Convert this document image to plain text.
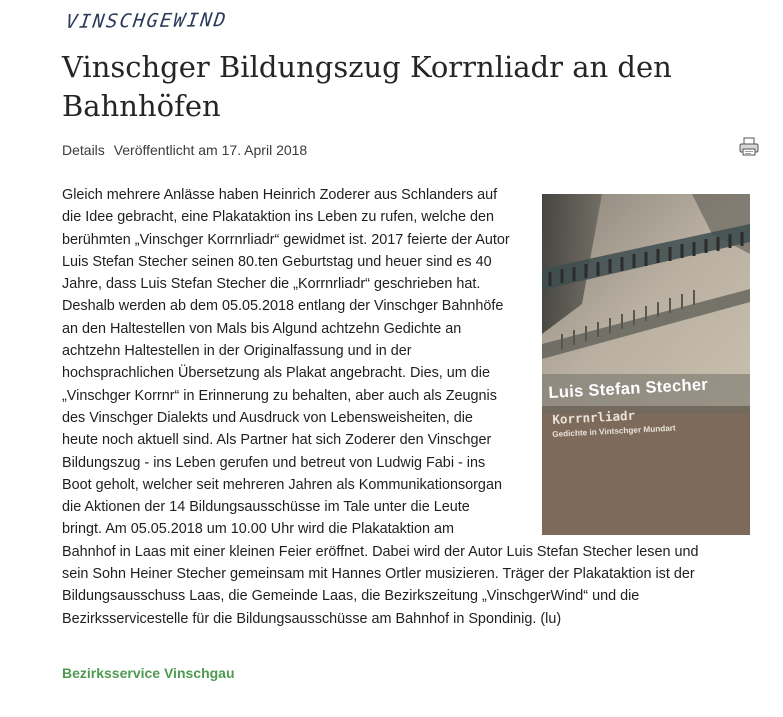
VINSCHGEWIND
Vinschger Bildungszug Korrnliadr an den Bahnhöfen
Details Veröffentlicht am 17. April 2018
Luis Stefan Stecher
Korrnrliadr
Gedichte in Vintschger Mundart
Gleich mehrere Anlässe haben Heinrich Zoderer aus Schlanders auf
die Idee gebracht, eine Plakataktion ins Leben zu rufen, welche den
berühmten „Vinschger Korrnrliadr“ gewidmet ist. 2017 feierte der Autor
Luis Stefan Stecher seinen 80.ten Geburtstag und heuer sind es 40
Jahre, dass Luis Stefan Stecher die „Korrnrliadr“ geschrieben hat.
Deshalb werden ab dem 05.05.2018 entlang der Vinschger Bahnhöfe
an den Haltestellen von Mals bis Algund achtzehn Gedichte an
achtzehn Haltestellen in der Originalfassung und in der
hochsprachlichen Übersetzung als Plakat angebracht. Dies, um die
„Vinschger Korrnr“ in Erinnerung zu behalten, aber auch als Zeugnis
des Vinschger Dialekts und Ausdruck von Lebensweisheiten, die
heute noch aktuell sind. Als Partner hat sich Zoderer den Vinschger
Bildungszug - ins Leben gerufen und betreut von Ludwig Fabi - ins
Boot geholt, welcher seit mehreren Jahren als Kommunikationsorgan
die Aktionen der 14 Bildungsausschüsse im Tale unter die Leute
bringt. Am 05.05.2018 um 10.00 Uhr wird die Plakataktion am
Bahnhof in Laas mit einer kleinen Feier eröffnet. Dabei wird der Autor Luis Stefan Stecher lesen und
sein Sohn Heiner Stecher gemeinsam mit Hannes Ortler musizieren. Träger der Plakataktion ist der
Bildungsausschuss Laas, die Gemeinde Laas, die Bezirkszeitung „VinschgerWind“ und die
Bezirksservicestelle für die Bildungsausschüsse am Bahnhof in Spondinig. (lu)
Bezirksservice Vinschgau
